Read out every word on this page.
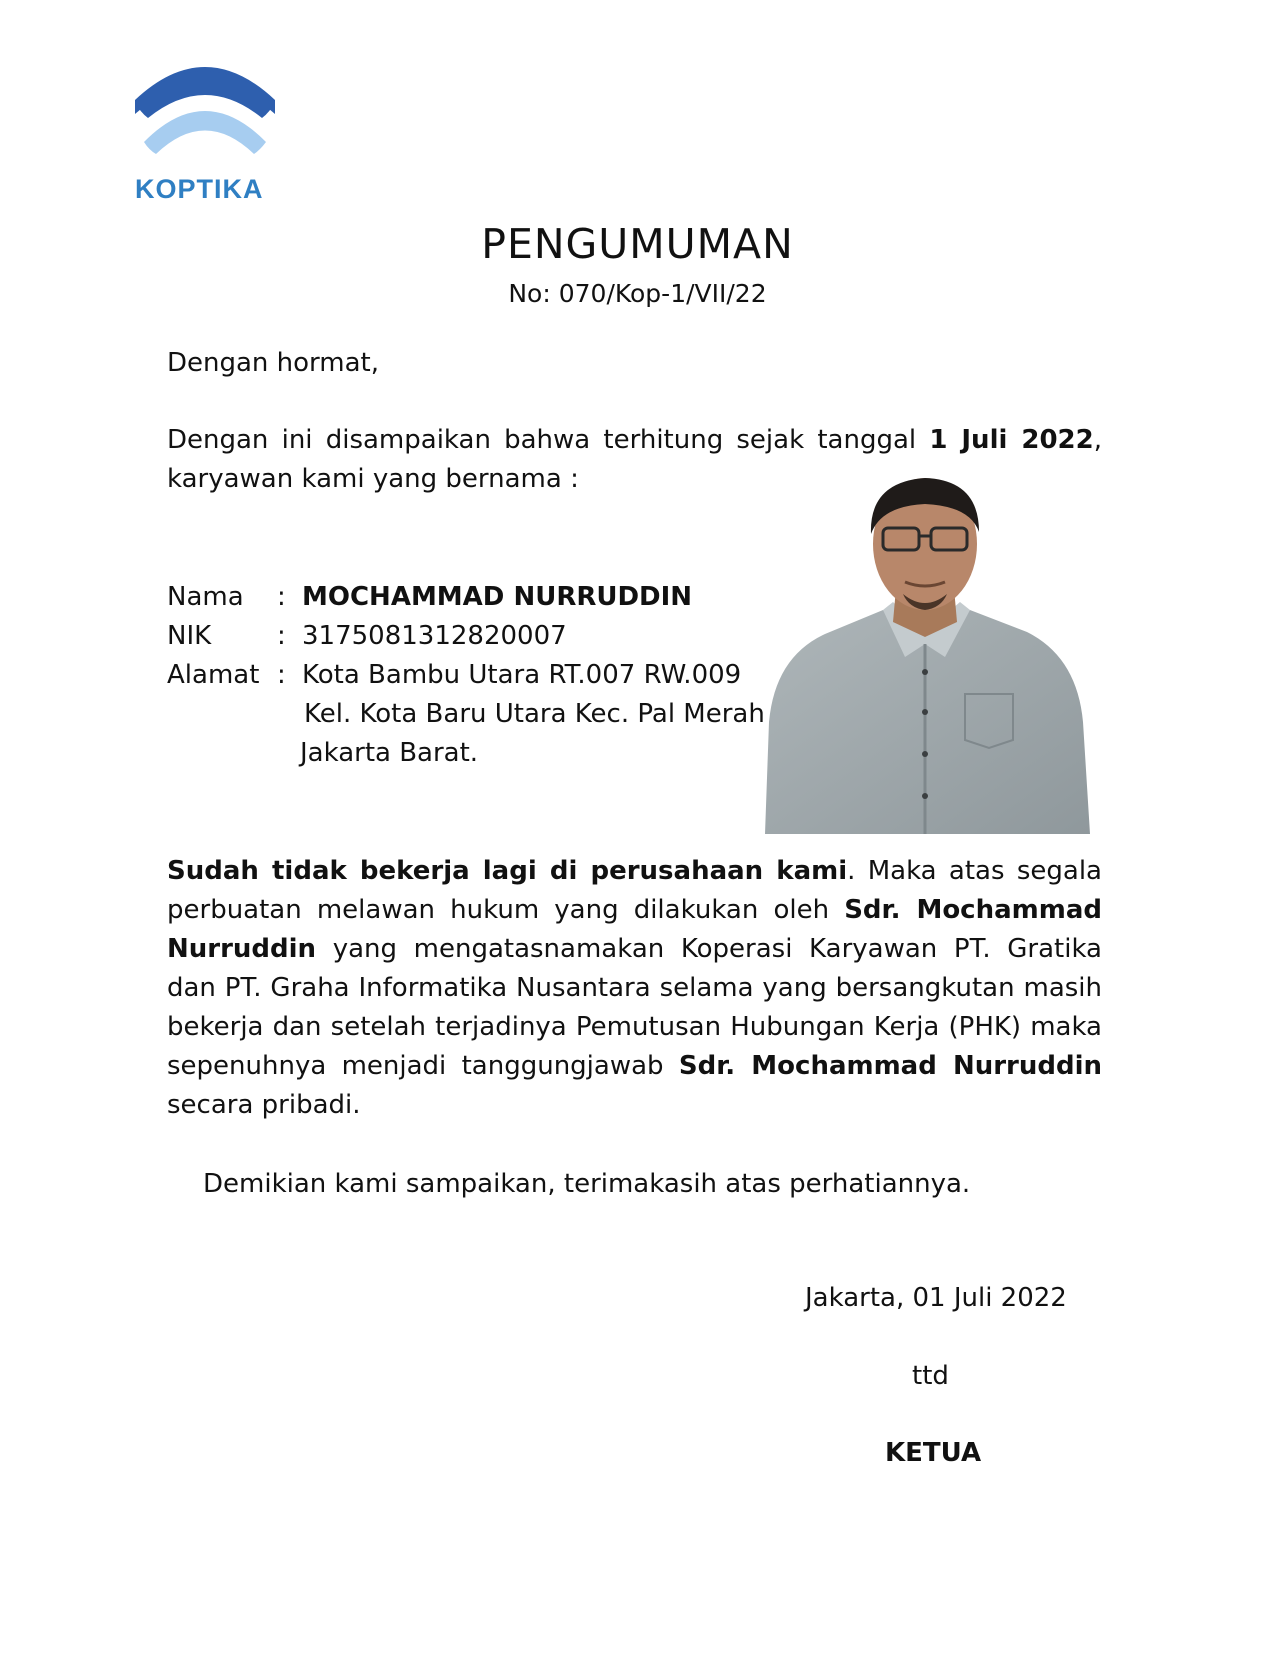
KOPTIKA
PENGUMUMAN
No: 070/Kop-1/VII/22
Dengan hormat,
Dengan ini disampaikan bahwa terhitung sejak tanggal 1 Juli 2022, karyawan kami yang bernama :
Nama : MOCHAMMAD NURRUDDIN
NIK	: 3175081312820007
Alamat : Kota Bambu Utara RT.007 RW.009
Kel. Kota Baru Utara Kec. Pal Merah
Jakarta Barat.
Sudah tidak bekerja lagi di perusahaan kami. Maka atas segala perbuatan melawan hukum yang dilakukan oleh Sdr. Mochammad Nurruddin yang mengatasnamakan Koperasi Karyawan PT. Gratika dan PT. Graha Informatika Nusantara selama yang bersangkutan masih bekerja dan setelah terjadinya Pemutusan Hubungan Kerja (PHK) maka sepenuhnya menjadi tanggungjawab Sdr. Mochammad Nurruddin secara pribadi.
Demikian kami sampaikan, terimakasih atas perhatiannya.
Jakarta, 01 Juli 2022
ttd
KETUA
